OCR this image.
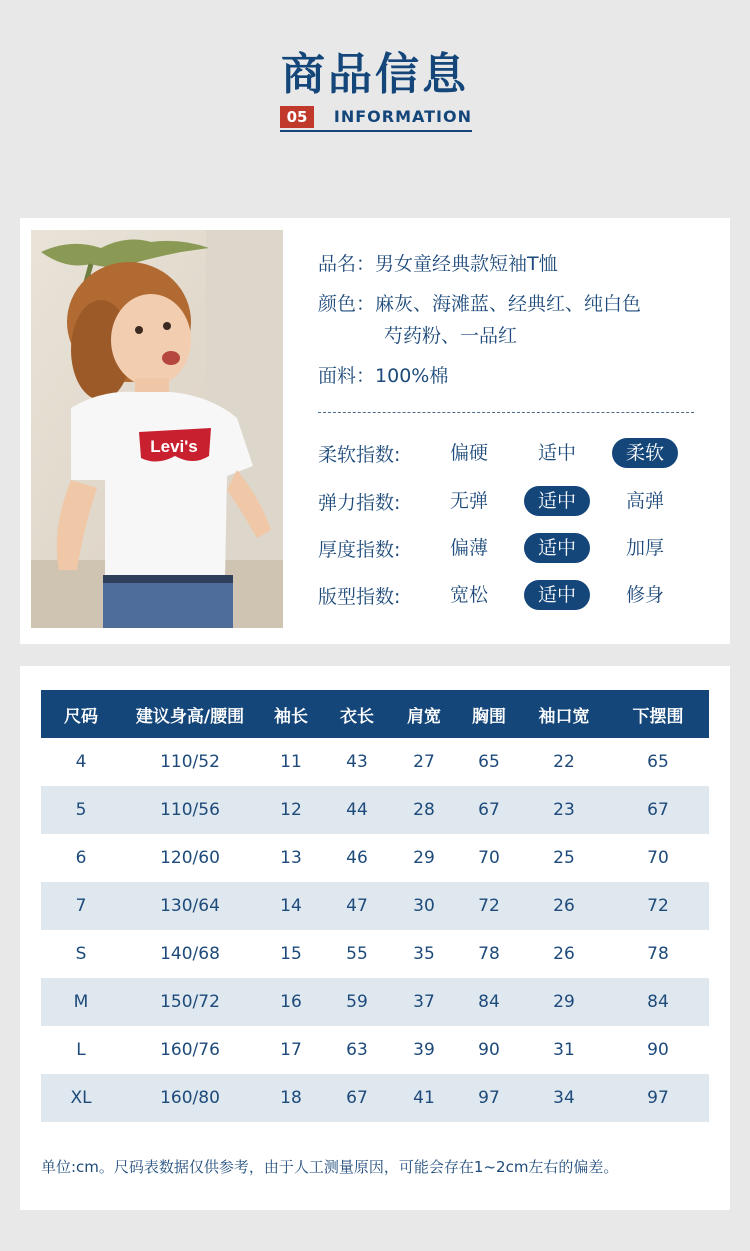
商品信息
05	INFORMATION
Levi's
品名：男女童经典款短袖T恤
颜色：麻灰、海滩蓝、经典红、纯白色
芍药粉、一品红
面料：100%棉
柔软指数:	偏硬	适中	柔软
弹力指数:	无弹	适中	高弹
厚度指数:	偏薄	适中	加厚
版型指数:	宽松	适中	修身
尺码	建议身高/腰围	袖长	衣长	肩宽	胸围	袖口宽	下摆围
4	110/52	11	43	27	65	22	65
5	110/56	12	44	28	67	23	67
6	120/60	13	46	29	70	25	70
7	130/64	14	47	30	72	26	72
S	140/68	15	55	35	78	26	78
M	150/72	16	59	37	84	29	84
L	160/76	17	63	39	90	31	90
XL	160/80	18	67	41	97	34	97
单位:cm。尺码表数据仅供参考，由于人工测量原因，可能会存在1~2cm左右的偏差。
